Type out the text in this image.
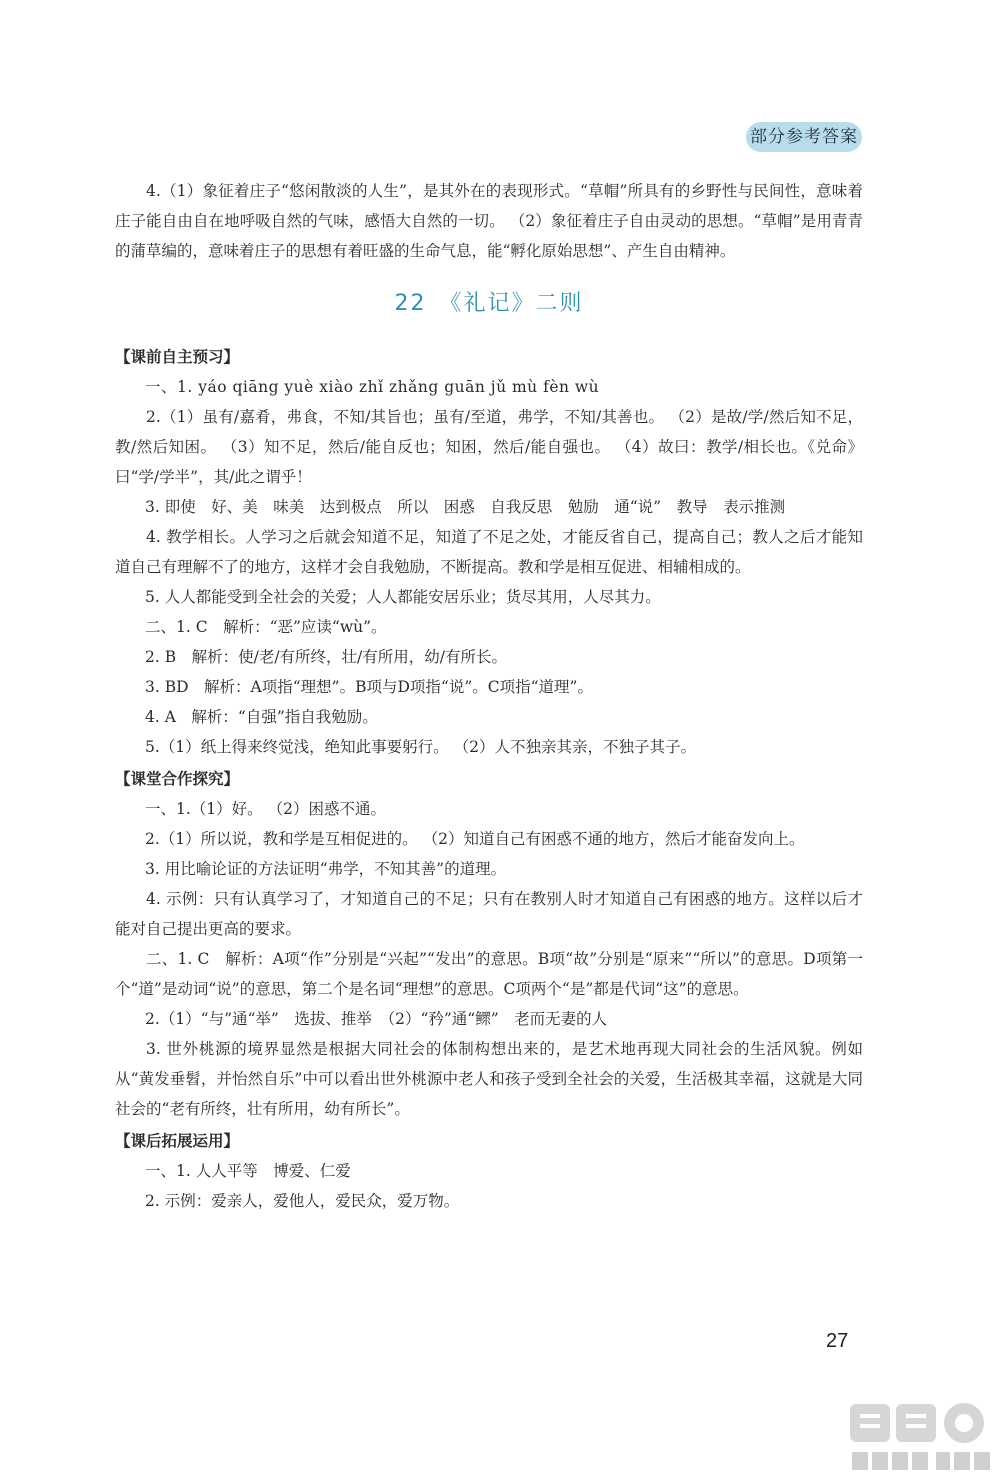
部分参考答案
4.（1）象征着庄子“悠闲散淡的人生”，是其外在的表现形式。“草帽”所具有的乡野性与民间性，意味着庄子能自由自在地呼吸自然的气味，感悟大自然的一切。 （2）象征着庄子自由灵动的思想。“草帽”是用青青的蒲草编的，意味着庄子的思想有着旺盛的生命气息，能“孵化原始思想”、产生自由精神。
22　《礼记》二则
【课前自主预习】
一、1. yáo qiāng yuè xiào zhǐ zhǎng guān jǔ mù fèn wù
2.（1）虽有/嘉肴，弗食，不知/其旨也；虽有/至道，弗学，不知/其善也。 （2）是故/学/然后知不足，教/然后知困。 （3）知不足，然后/能自反也；知困，然后/能自强也。 （4）故曰：教学/相长也。《兑命》曰“学/学半”，其/此之谓乎！
3. 即使　好、美　味美　达到极点　所以　困惑　自我反思　勉励　通“说”　教导　表示推测
4. 教学相长。人学习之后就会知道不足，知道了不足之处，才能反省自己，提高自己；教人之后才能知道自己有理解不了的地方，这样才会自我勉励，不断提高。教和学是相互促进、相辅相成的。
5. 人人都能受到全社会的关爱；人人都能安居乐业；货尽其用，人尽其力。
二、1. C　解析：“恶”应读“wù”。
2. B　解析：使/老/有所终，壮/有所用，幼/有所长。
3. BD　解析：A项指“理想”。B项与D项指“说”。C项指“道理”。
4. A　解析：“自强”指自我勉励。
5.（1）纸上得来终觉浅，绝知此事要躬行。 （2）人不独亲其亲，不独子其子。
【课堂合作探究】
一、1.（1）好。 （2）困惑不通。
2.（1）所以说，教和学是互相促进的。 （2）知道自己有困惑不通的地方，然后才能奋发向上。
3. 用比喻论证的方法证明“弗学，不知其善”的道理。
4. 示例：只有认真学习了，才知道自己的不足；只有在教别人时才知道自己有困惑的地方。这样以后才能对自己提出更高的要求。
二、1. C　解析：A项“作”分别是“兴起”“发出”的意思。B项“故”分别是“原来”“所以”的意思。D项第一个“道”是动词“说”的意思，第二个是名词“理想”的意思。C项两个“是”都是代词“这”的意思。
2.（1）“与”通“举”　选拔、推举　（2）“矜”通“鳏”　老而无妻的人
3. 世外桃源的境界显然是根据大同社会的体制构想出来的，是艺术地再现大同社会的生活风貌。例如从“黄发垂髫，并怡然自乐”中可以看出世外桃源中老人和孩子受到全社会的关爱，生活极其幸福，这就是大同社会的“老有所终，壮有所用，幼有所长”。
【课后拓展运用】
一、1. 人人平等　博爱、仁爱
2. 示例：爱亲人，爱他人，爱民众，爱万物。
27
